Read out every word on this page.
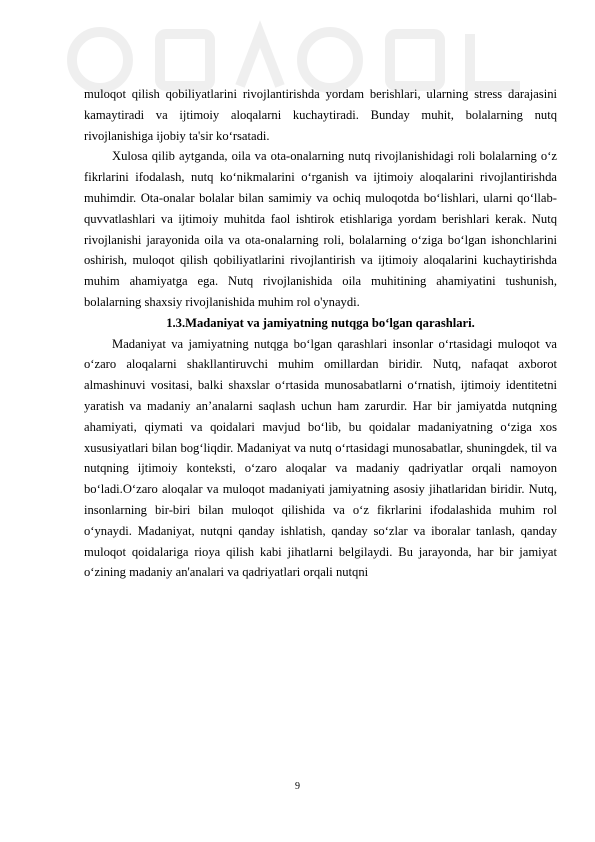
muloqot qilish qobiliyatlarini rivojlantirishda yordam berishlari, ularning stress darajasini kamaytiradi va ijtimoiy aloqalarni kuchaytiradi. Bunday muhit, bolalarning nutq rivojlanishiga ijobiy ta'sir ko‘rsatadi.

Xulosa qilib aytganda, oila va ota-onalarning nutq rivojlanishidagi roli bolalarning o‘z fikrlarini ifodalash, nutq ko‘nikmalarini o‘rganish va ijtimoiy aloqalarini rivojlantirishda muhimdir. Ota-onalar bolalar bilan samimiy va ochiq muloqotda bo‘lishlari, ularni qo‘llab-quvvatlashlari va ijtimoiy muhitda faol ishtirok etishlariga yordam berishlari kerak. Nutq rivojlanishi jarayonida oila va ota-onalarning roli, bolalarning o‘ziga bo‘lgan ishonchlarini oshirish, muloqot qilish qobiliyatlarini rivojlantirish va ijtimoiy aloqalarini kuchaytirishda muhim ahamiyatga ega. Nutq rivojlanishida oila muhitining ahamiyatini tushunish, bolalarning shaxsiy rivojlanishida muhim rol o'ynaydi.

1.3.Madaniyat va jamiyatning nutqga bo‘lgan qarashlari.

Madaniyat va jamiyatning nutqga bo‘lgan qarashlari insonlar o‘rtasidagi muloqot va o‘zaro aloqalarni shakllantiruvchi muhim omillardan biridir. Nutq, nafaqat axborot almashinuvi vositasi, balki shaxslar o‘rtasida munosabatlarni o‘rnatish, ijtimoiy identitetni yaratish va madaniy an’analarni saqlash uchun ham zarurdir. Har bir jamiyatda nutqning ahamiyati, qiymati va qoidalari mavjud bo‘lib, bu qoidalar madaniyatning o‘ziga xos xususiyatlari bilan bog‘liqdir. Madaniyat va nutq o‘rtasidagi munosabatlar, shuningdek, til va nutqning ijtimoiy konteksti, o‘zaro aloqalar va madaniy qadriyatlar orqali namoyon bo‘ladi.O‘zaro aloqalar va muloqot madaniyati jamiyatning asosiy jihatlaridan biridir. Nutq, insonlarning bir-biri bilan muloqot qilishida va o‘z fikrlarini ifodalashida muhim rol o‘ynaydi. Madaniyat, nutqni qanday ishlatish, qanday so‘zlar va iboralar tanlash, qanday muloqot qoidalariga rioya qilish kabi jihatlarni belgilaydi. Bu jarayonda, har bir jamiyat o‘zining madaniy an'analari va qadriyatlari orqali nutqni

9
